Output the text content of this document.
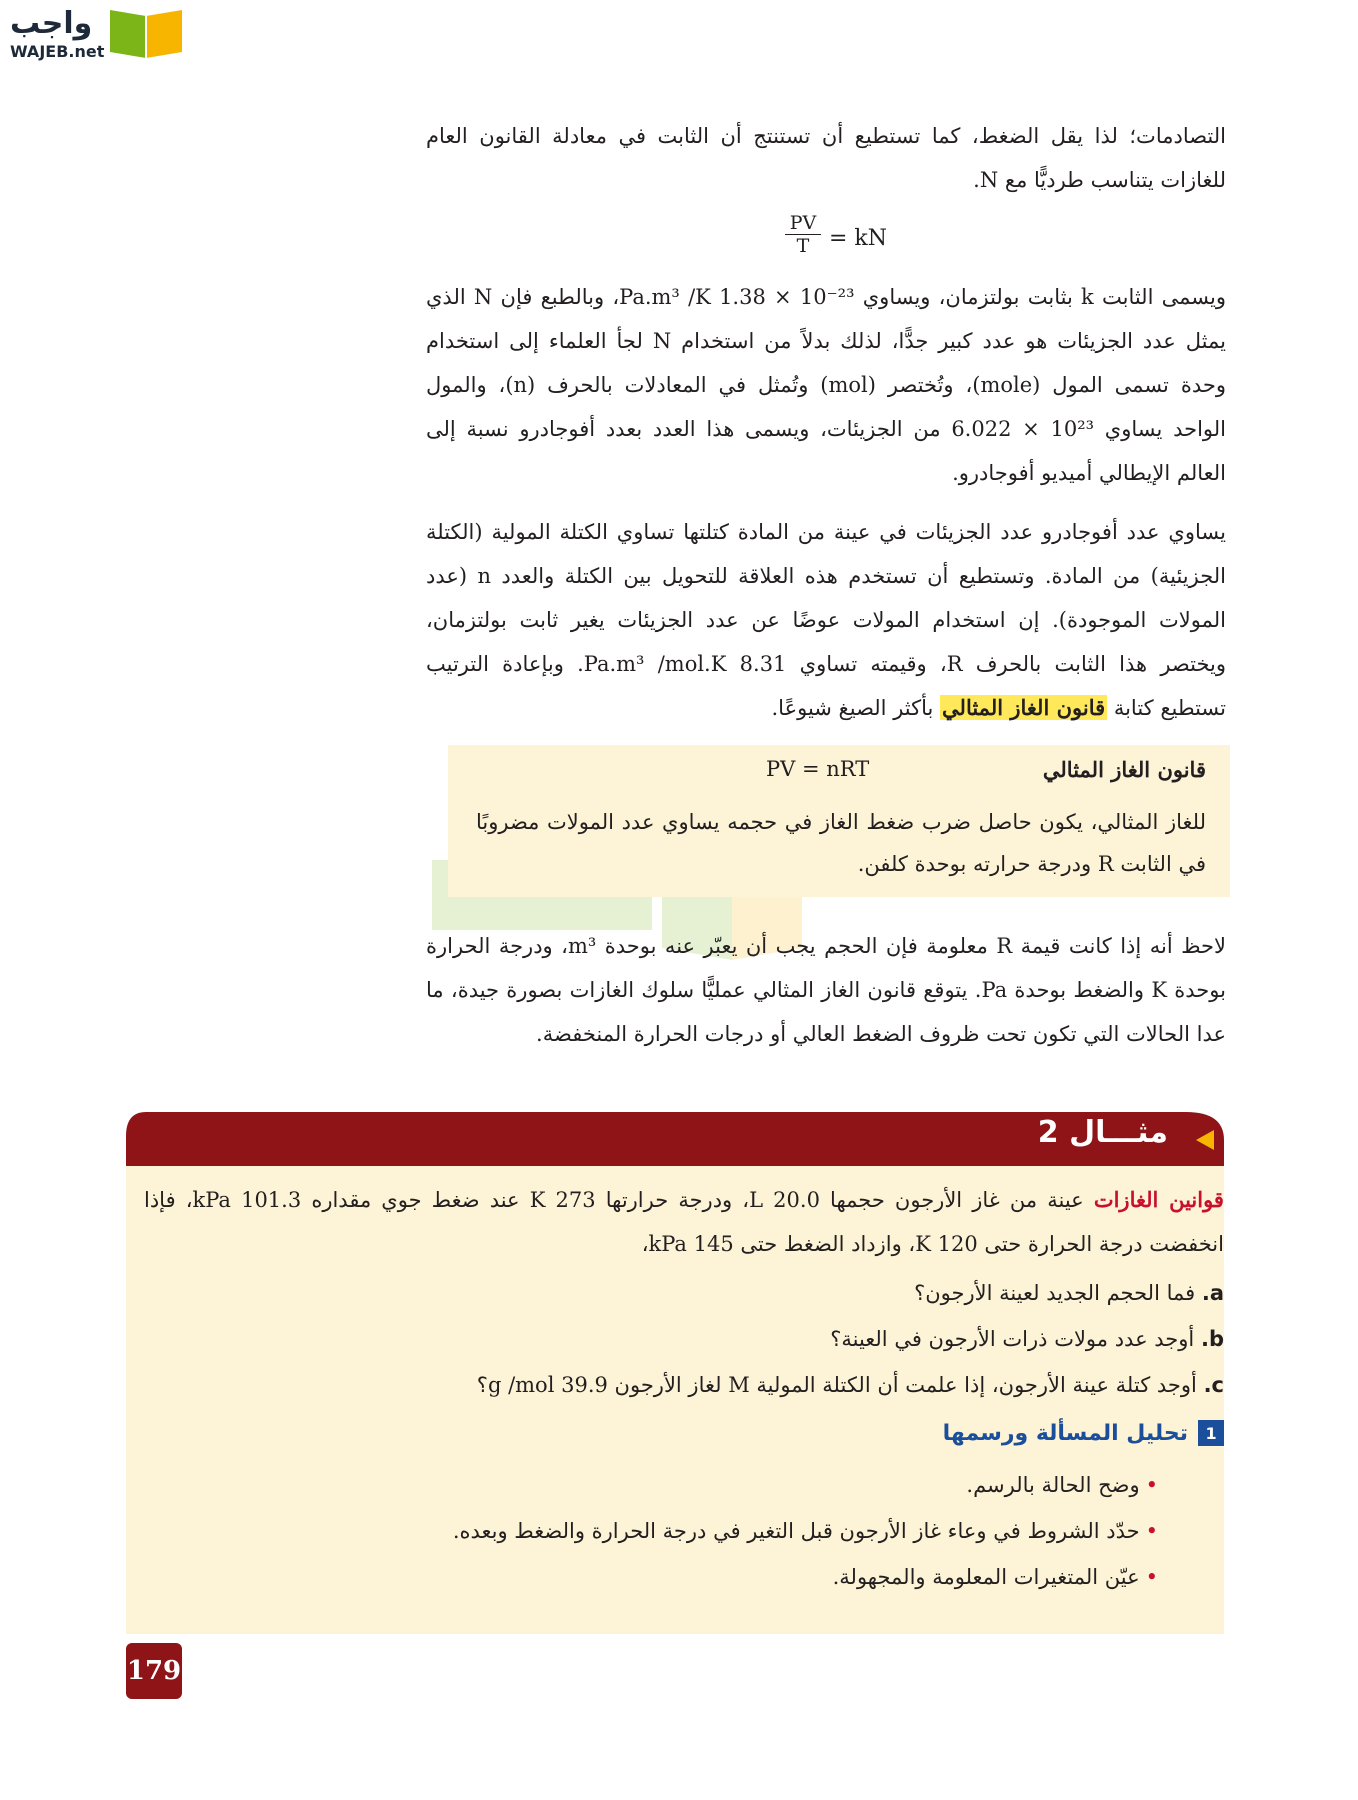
واجب
WAJEB.net
التصادمات؛ لذا يقل الضغط، كما تستطيع أن تستنتج أن الثابت في معادلة القانون العام للغازات يتناسب طرديًّا مع N.
$\frac{PV}{T}$ = kN
ويسمى الثابت k بثابت بولتزمان، ويساوي Pa.m³ /K 1.38 × 10⁻²³، وبالطبع فإن N الذي يمثل عدد الجزيئات هو عدد كبير جدًّا، لذلك بدلاً من استخدام N لجأ العلماء إلى استخدام وحدة تسمى المول (mole)، وتُختصر (mol) وتُمثل في المعادلات بالحرف (n)، والمول الواحد يساوي 10²³ × 6.022 من الجزيئات، ويسمى هذا العدد بعدد أفوجادرو نسبة إلى العالم الإيطالي أميديو أفوجادرو.
يساوي عدد أفوجادرو عدد الجزيئات في عينة من المادة كتلتها تساوي الكتلة المولية (الكتلة الجزيئية) من المادة. وتستطيع أن تستخدم هذه العلاقة للتحويل بين الكتلة والعدد n (عدد المولات الموجودة). إن استخدام المولات عوضًا عن عدد الجزيئات يغير ثابت بولتزمان، ويختصر هذا الثابت بالحرف R، وقيمته تساوي 8.31 Pa.m³ /mol.K. وبإعادة الترتيب تستطيع كتابة قانون الغاز المثالي بأكثر الصيغ شيوعًا.
قانون الغاز المثالي
PV = nRT
للغاز المثالي، يكون حاصل ضرب ضغط الغاز في حجمه يساوي عدد المولات مضروبًا في الثابت R ودرجة حرارته بوحدة كلفن.
لاحظ أنه إذا كانت قيمة R معلومة فإن الحجم يجب أن يعبّر عنه بوحدة m³، ودرجة الحرارة بوحدة K والضغط بوحدة Pa. يتوقع قانون الغاز المثالي عمليًّا سلوك الغازات بصورة جيدة، ما عدا الحالات التي تكون تحت ظروف الضغط العالي أو درجات الحرارة المنخفضة.
مثـــال 2
قوانين الغازات عينة من غاز الأرجون حجمها 20.0 L، ودرجة حرارتها 273 K عند ضغط جوي مقداره 101.3 kPa، فإذا انخفضت درجة الحرارة حتى 120 K، وازداد الضغط حتى 145 kPa،
a. فما الحجم الجديد لعينة الأرجون؟
b. أوجد عدد مولات ذرات الأرجون في العينة؟
c. أوجد كتلة عينة الأرجون، إذا علمت أن الكتلة المولية M لغاز الأرجون 39.9 g /mol؟
1
تحليل المسألة ورسمها
•وضح الحالة بالرسم.
•حدّد الشروط في وعاء غاز الأرجون قبل التغير في درجة الحرارة والضغط وبعده.
•عيّن المتغيرات المعلومة والمجهولة.
179
